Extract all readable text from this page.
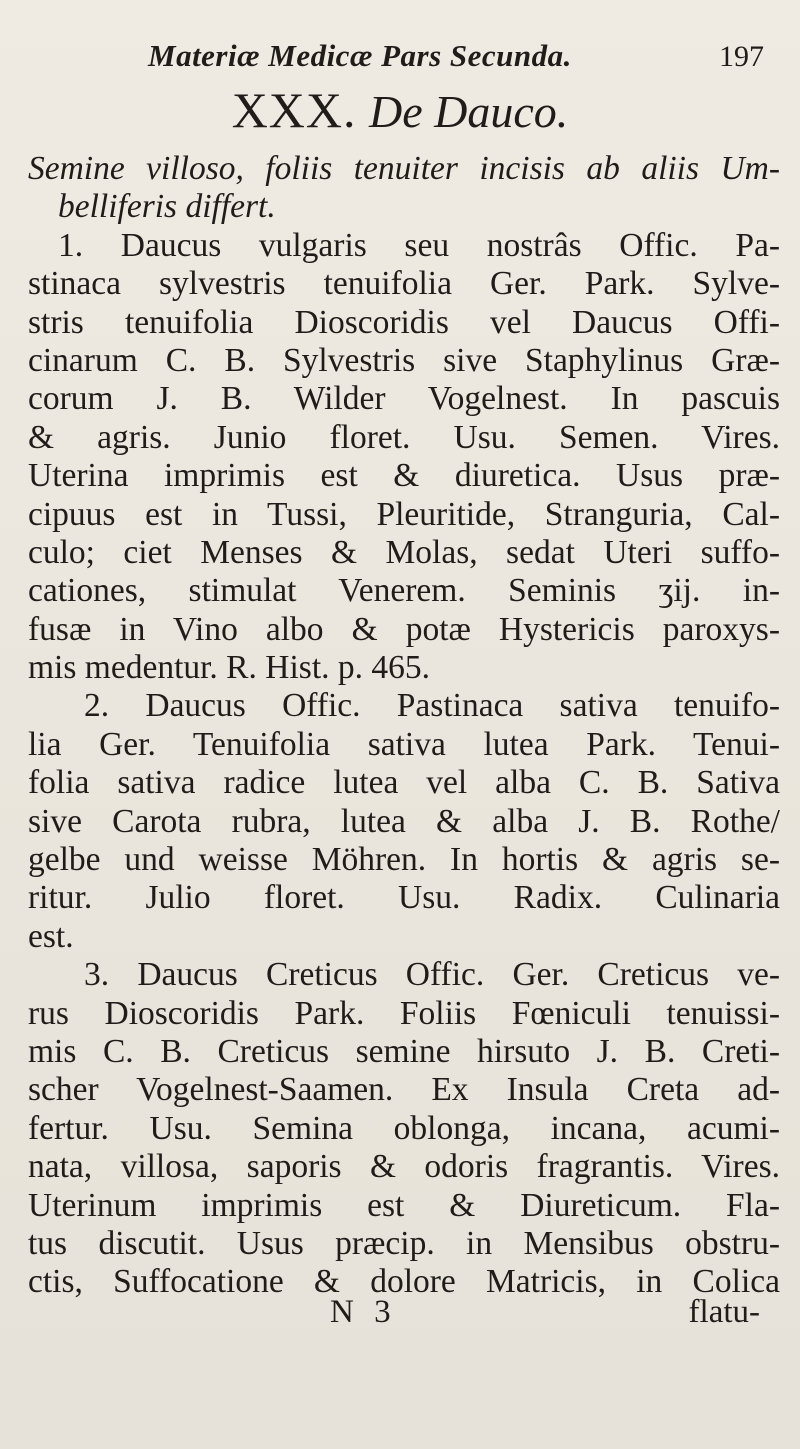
Materiæ Medicæ Pars Secunda.	197
XXX. De Dauco.
Semine villoso, foliis tenuiter incisis ab aliis Um-
belliferis differt.
1. Daucus vulgaris seu nostrâs Offic. Pa-
stinaca sylvestris tenuifolia Ger. Park. Sylve-
stris tenuifolia Dioscoridis vel Daucus Offi-
cinarum C. B. Sylvestris sive Staphylinus Græ-
corum J. B. Wilder Vogelnest. In pascuis
& agris. Junio floret. Usu. Semen. Vires.
Uterina imprimis est & diuretica. Usus præ-
cipuus est in Tussi, Pleuritide, Stranguria, Cal-
culo; ciet Menses & Molas, sedat Uteri suffo-
cationes, stimulat Venerem. Seminis ʒij. in-
fusæ in Vino albo & potæ Hystericis paroxys-
mis medentur. R. Hist. p. 465.
2. Daucus Offic. Pastinaca sativa tenuifo-
lia Ger. Tenuifolia sativa lutea Park. Tenui-
folia sativa radice lutea vel alba C. B. Sativa
sive Carota rubra, lutea & alba J. B. Rothe/
gelbe und weisse Möhren. In hortis & agris se-
ritur. Julio floret. Usu. Radix. Culinaria
est.
3. Daucus Creticus Offic. Ger. Creticus ve-
rus Dioscoridis Park. Foliis Fœniculi tenuissi-
mis C. B. Creticus semine hirsuto J. B. Creti-
scher Vogelnest-Saamen. Ex Insula Creta ad-
fertur. Usu. Semina oblonga, incana, acumi-
nata, villosa, saporis & odoris fragrantis. Vires.
Uterinum imprimis est & Diureticum. Fla-
tus discutit. Usus præcip. in Mensibus obstru-
ctis, Suffocatione & dolore Matricis, in Colica
N 3	flatu-
